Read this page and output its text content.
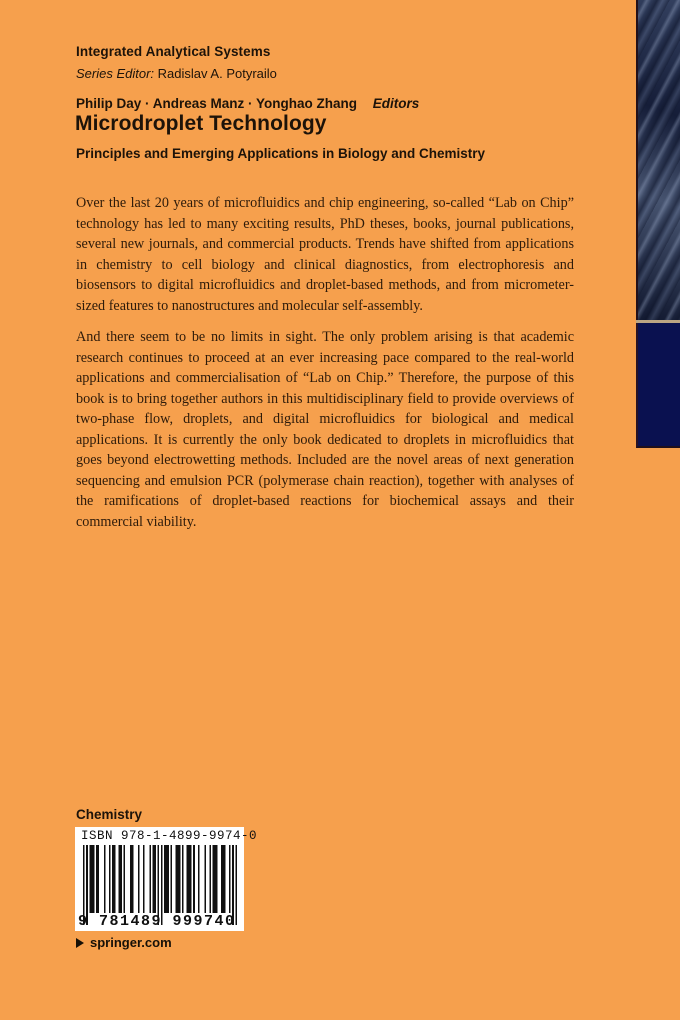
Integrated Analytical Systems
Series Editor: Radislav A. Potyrailo
Philip Day · Andreas Manz · Yonghao Zhang Editors
Microdroplet Technology
Principles and Emerging Applications in Biology and Chemistry

Over the last 20 years of microfluidics and chip engineering, so-called “Lab on Chip” technology has led to many exciting results, PhD theses, books, journal publications, several new journals, and commercial products. Trends have shifted from applications in chemistry to cell biology and clinical diagnostics, from electrophoresis and biosensors to digital microfluidics and droplet-based methods, and from micrometer-sized features to nanostructures and molecular self-assembly.

And there seem to be no limits in sight. The only problem arising is that academic research continues to proceed at an ever increasing pace compared to the real-world applications and commercialisation of “Lab on Chip.” Therefore, the purpose of this book is to bring together authors in this multidisciplinary field to provide overviews of two-phase flow, droplets, and digital microfluidics for biological and medical applications. It is currently the only book dedicated to droplets in microfluidics that goes beyond electrowetting methods. Included are the novel areas of next generation sequencing and emulsion PCR (polymerase chain reaction), together with analyses of the ramifications of droplet-based reactions for biochemical assays and their commercial viability.

Chemistry
ISBN 978-1-4899-9974-0
9 781489 999740
springer.com
